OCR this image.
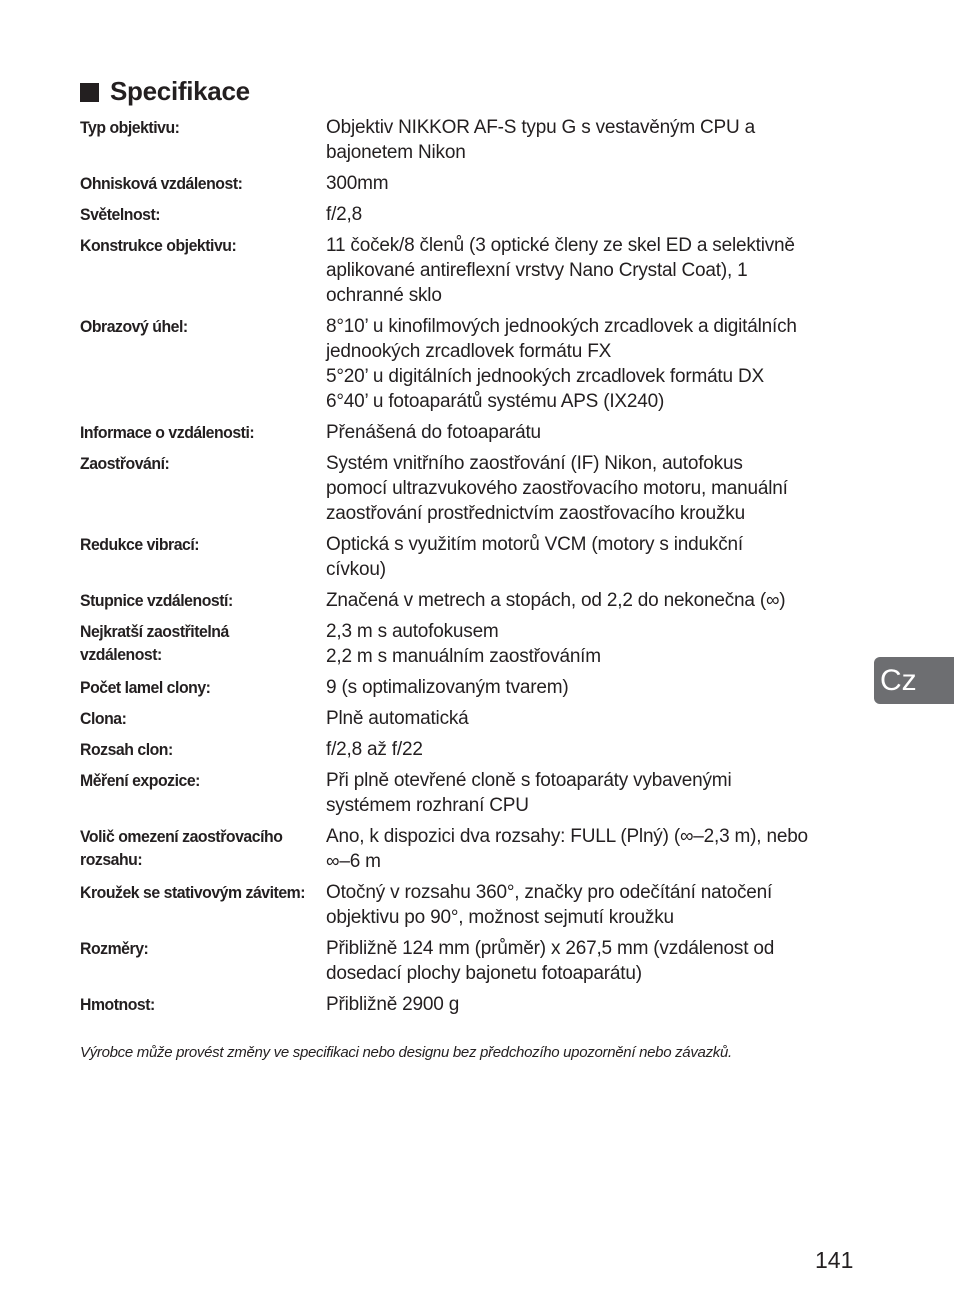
Specifikace
Typ objektivu:	Objektiv NIKKOR AF-S typu G s vestavěným CPU a
bajonetem Nikon
Ohnisková vzdálenost:	300mm
Světelnost:	f/2,8
Konstrukce objektivu:	11 čoček/8 členů (3 optické členy ze skel ED a selektivně
aplikované antireflexní vrstvy Nano Crystal Coat), 1
ochranné sklo
Obrazový úhel:	8°10’ u kinofilmových jednookých zrcadlovek a digitálních
jednookých zrcadlovek formátu FX
5°20’ u digitálních jednookých zrcadlovek formátu DX
6°40’ u fotoaparátů systému APS (IX240)
Informace o vzdálenosti:	Přenášená do fotoaparátu
Zaostřování:	Systém vnitřního zaostřování (IF) Nikon, autofokus
pomocí ultrazvukového zaostřovacího motoru, manuální
zaostřování prostřednictvím zaostřovacího kroužku
Redukce vibrací:	Optická s využitím motorů VCM (motory s indukční
cívkou)
Stupnice vzdáleností:	Značená v metrech a stopách, od 2,2 do nekonečna (∞)
Nejkratší zaostřitelná vzdálenost:
2,3 m s autofokusem
2,2 m s manuálním zaostřováním
Počet lamel clony:	9 (s optimalizovaným tvarem)
Clona:	Plně automatická
Rozsah clon:	f/2,8 až f/22
Měření expozice:	Při plně otevřené cloně s fotoaparáty vybavenými
systémem rozhraní CPU
Volič omezení zaostřovacího rozsahu:
Ano, k dispozici dva rozsahy: FULL (Plný) (∞–2,3 m), nebo
∞–6 m
Kroužek se stativovým závitem: Otočný v rozsahu 360°, značky pro odečítání natočení
objektivu po 90°, možnost sejmutí kroužku
Rozměry:	Přibližně 124 mm (průměr) x 267,5 mm (vzdálenost od
dosedací plochy bajonetu fotoaparátu)
Hmotnost:	Přibližně 2900 g
Výrobce může provést změny ve specifikaci nebo designu bez předchozího upozornění nebo závazků.
Cz
141
